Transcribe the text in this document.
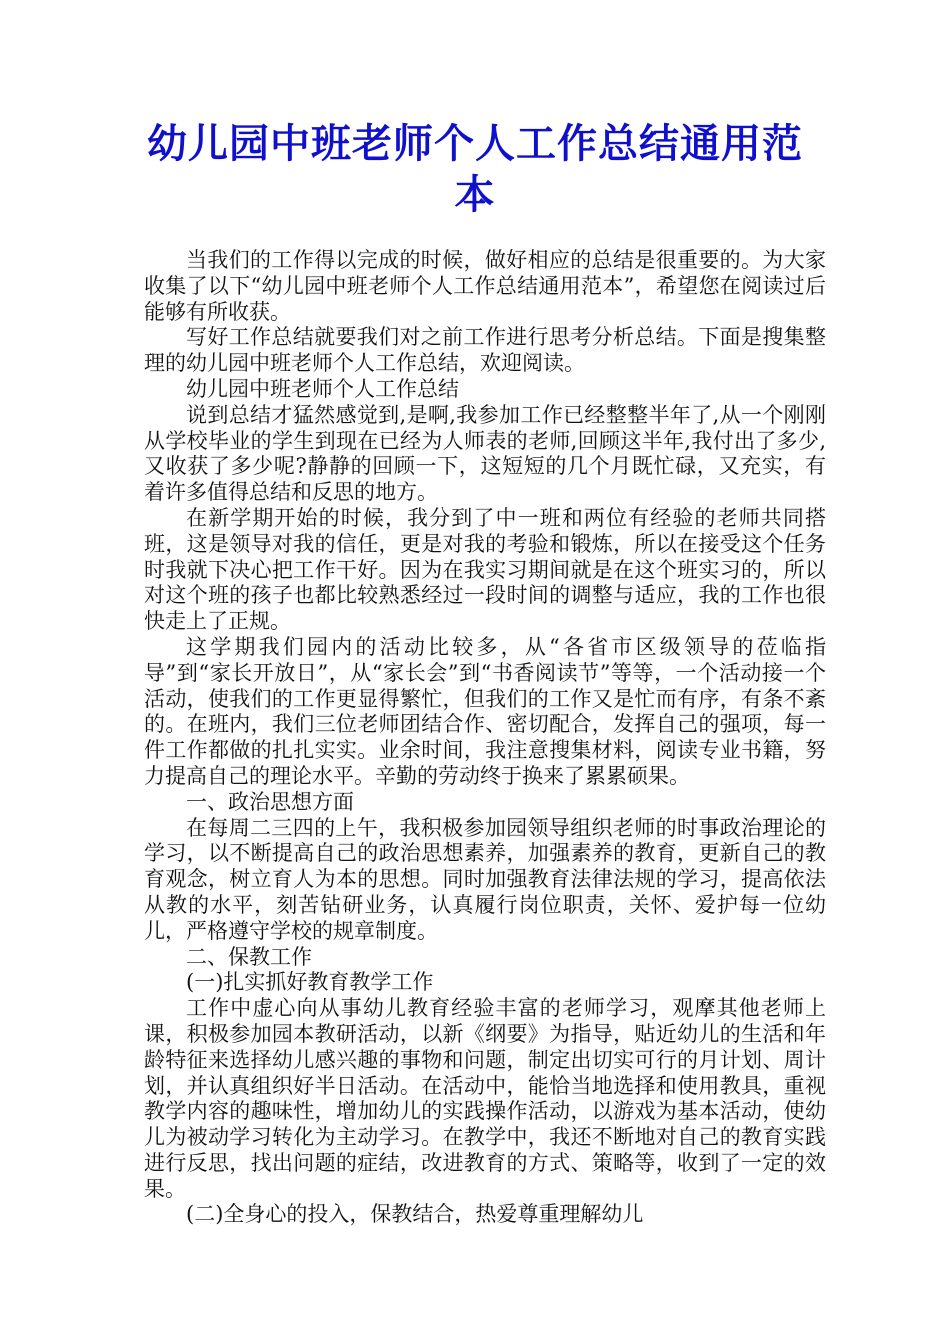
幼儿园中班老师个人工作总结通用范本

当我们的工作得以完成的时候，做好相应的总结是很重要的。为大家收集了以下“幼儿园中班老师个人工作总结通用范本”，希望您在阅读过后能够有所收获。

写好工作总结就要我们对之前工作进行思考分析总结。下面是搜集整理的幼儿园中班老师个人工作总结，欢迎阅读。

幼儿园中班老师个人工作总结

说到总结才猛然感觉到,是啊,我参加工作已经整整半年了,从一个刚刚从学校毕业的学生到现在已经为人师表的老师,回顾这半年,我付出了多少,又收获了多少呢?静静的回顾一下，这短短的几个月既忙碌，又充实，有着许多值得总结和反思的地方。

在新学期开始的时候，我分到了中一班和两位有经验的老师共同搭班，这是领导对我的信任，更是对我的考验和锻炼，所以在接受这个任务时我就下决心把工作干好。因为在我实习期间就是在这个班实习的，所以对这个班的孩子也都比较熟悉经过一段时间的调整与适应，我的工作也很快走上了正规。

这学期我们园内的活动比较多，从“各省市区级领导的莅临指导”到“家长开放日”，从“家长会”到“书香阅读节”等等，一个活动接一个活动，使我们的工作更显得繁忙，但我们的工作又是忙而有序，有条不紊的。在班内，我们三位老师团结合作、密切配合，发挥自己的强项，每一件工作都做的扎扎实实。业余时间，我注意搜集材料，阅读专业书籍，努力提高自己的理论水平。辛勤的劳动终于换来了累累硕果。

一、政治思想方面

在每周二三四的上午，我积极参加园领导组织老师的时事政治理论的学习，以不断提高自己的政治思想素养，加强素养的教育，更新自己的教育观念，树立育人为本的思想。同时加强教育法律法规的学习，提高依法从教的水平，刻苦钻研业务，认真履行岗位职责，关怀、爱护每一位幼儿，严格遵守学校的规章制度。

二、保教工作

(一)扎实抓好教育教学工作

工作中虚心向从事幼儿教育经验丰富的老师学习，观摩其他老师上课，积极参加园本教研活动，以新《纲要》为指导，贴近幼儿的生活和年龄特征来选择幼儿感兴趣的事物和问题，制定出切实可行的月计划、周计划，并认真组织好半日活动。在活动中，能恰当地选择和使用教具，重视教学内容的趣味性，增加幼儿的实践操作活动，以游戏为基本活动，使幼儿为被动学习转化为主动学习。在教学中，我还不断地对自己的教育实践进行反思，找出问题的症结，改进教育的方式、策略等，收到了一定的效果。

(二)全身心的投入，保教结合，热爱尊重理解幼儿
